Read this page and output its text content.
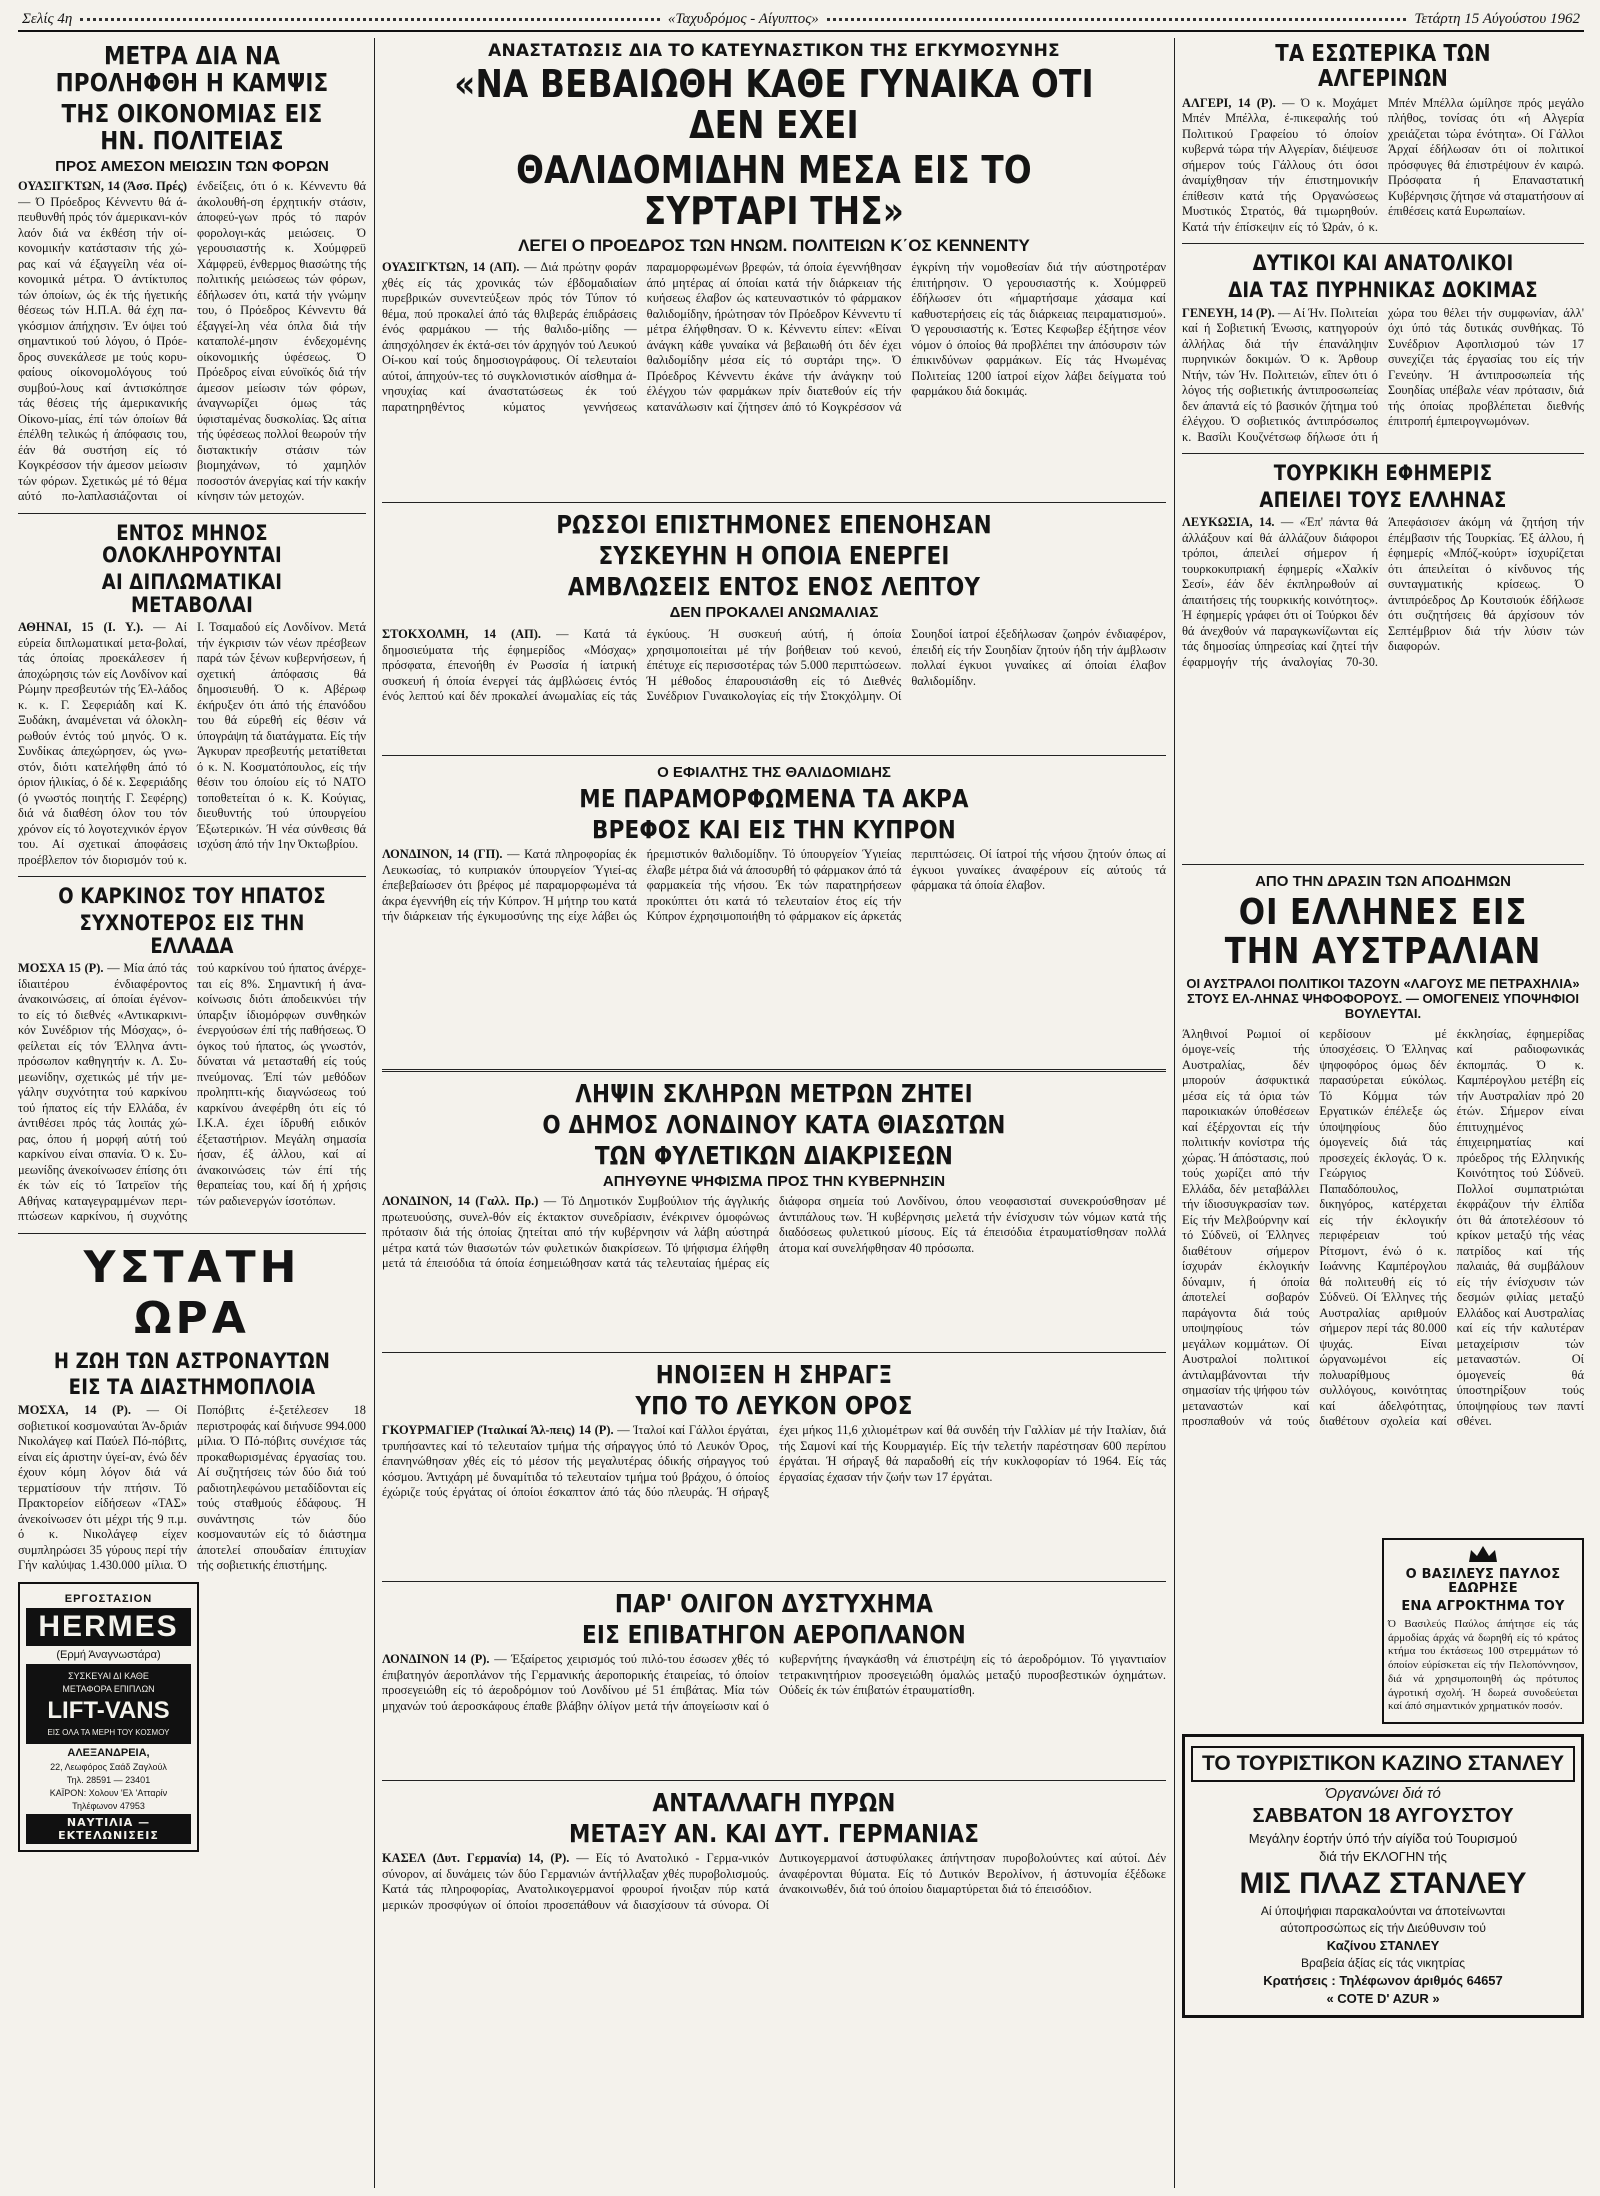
Σελίς 4η	«Ταχυδρόμος - Αίγυπτος»	Τετάρτη 15 Αύγούστου 1962
ΜΕΤΡΑ ΔΙΑ ΝΑ ΠΡΟΛΗΦΘΗ Η ΚΑΜΨΙΣ
ΤΗΣ ΟΙΚΟΝΟΜΙΑΣ ΕΙΣ ΗΝ. ΠΟΛΙΤΕΙΑΣ
ΠΡΟΣ ΑΜΕΣΟΝ ΜΕΙΩΣΙΝ ΤΩΝ ΦΟΡΩΝ
ΟΥΑΣΙΓΚΤΩΝ, 14 (Άσσ. Πρές) — Ό Πρόεδρος Κέννεντυ θά ά-πευθυνθή πρός τόν άμερικανι-κόν λαόν διά να έκθέση τήν οί-κονομικήν κατάστασιν τής χώ-ρας καί νά έξαγγείλη νέα οί-κονομικά μέτρα. Ό άντίκτυπος τών όποίων, ώς έκ τής ήγετικής θέσεως τών Η.Π.Α. θά έχη πα-γκόσμιον άπήχησιν. Έν όψει τού σημαντικού τού λόγου, ό Πρόε-δρος συνεκάλεσε με τούς κορυ-φαίους οίκονομολόγους τού συμβού-λους καί άντισκόπησε τάς θέσεις τής άμερικανικής Οίκονο-μίας, έπί τών όποίων θά έπέλθη τελικώς ή άπόφασις του, έάν θά συστήση είς τό Κογκρέσσον τήν άμεσον μείωσιν τών φόρων. Σχετικώς μέ τό θέμα αύτό πο-λαπλασιάζονται οί ένδείξεις, ότι ό κ. Κέννεντυ θά άκολουθή-ση έρχητικήν στάσιν, άποφεύ-γων πρός τό παρόν φορολογι-κάς μειώσεις. Ό γερουσιαστής κ. Χούμφρεϋ Χάμφρεϋ, ένθερμος θιασώτης τής πολιτικής μειώσεως τών φόρων, έδήλωσεν ότι, κατά τήν γνώμην του, ό Πρόεδρος Κέννεντυ θά έξαγγεί-λη νέα όπλα διά τήν καταπολέ-μησιν ένδεχομένης οίκονομικής ύφέσεως. Ό Πρόεδρος είναι εύνοϊκός διά τήν άμεσον μείωσιν τών φόρων, άναγνωρίζει όμως τάς ύφισταμένας δυσκολίας. Ώς αίτια τής ύφέσεως πολλοί θεωρούν τήν διστακτικήν στάσιν τών βιομηχάνων, τό χαμηλόν ποσοστόν άνεργίας καί τήν κακήν κίνησιν τών μετοχών.
ΕΝΤΟΣ ΜΗΝΟΣ ΟΛΟΚΛΗΡΟΥΝΤΑΙ
ΑΙ ΔΙΠΛΩΜΑΤΙΚΑΙ ΜΕΤΑΒΟΛΑΙ
ΑΘΗΝΑΙ, 15 (Ι. Υ.). — Αί εύρεία διπλωματικαί μετα-βολαί, τάς όποίας προεκάλεσεν ή άποχώρησις τών είς Λονδίνον καί Ρώμην πρεσβευτών τής Έλ-λάδος κ. κ. Γ. Σεφεριάδη καί Κ. Ξυδάκη, άναμένεται νά όλοκλη-ρωθούν έντός τού μηνός. Ό κ. Συνδίκας άπεχώρησεν, ώς γνω-στόν, διότι κατελήφθη άπό τό όριον ήλικίας, ό δέ κ. Σεφεριάδης (ό γνωστός ποιητής Γ. Σεφέρης) διά νά διαθέση όλον του τόν χρόνον είς τό λογοτεχνικόν έργον του. Αί σχετικαί άποφάσεις προέβλεπον τόν διορισμόν τού κ. Ι. Τσαμαδού είς Λονδίνον. Μετά τήν έγκρισιν τών νέων πρέσβεων παρά τών ξένων κυβερνήσεων, ή σχετική άπόφασις θά δημοσιευθή. Ό κ. Αβέρωφ έκήρυξεν ότι άπό τής έπανόδου του θά εύρεθή είς θέσιν νά ύπογράψη τά διατάγματα. Είς τήν Άγκυραν πρεσβευτής μετατίθεται ό κ. Ν. Κοσματόπουλος, είς τήν θέσιν του όποίου είς τό ΝΑΤΟ τοποθετείται ό κ. Κ. Κούγιας, διευθυντής τού ύπουργείου Έξωτερικών. Ή νέα σύνθεσις θά ισχύση άπό τήν 1ην Όκτωβρίου.
Ο ΚΑΡΚΙΝΟΣ ΤΟΥ ΗΠΑΤΟΣ
ΣΥΧΝΟΤΕΡΟΣ ΕΙΣ ΤΗΝ ΕΛΛΑΔΑ
ΜΟΣΧΑ 15 (Ρ). — Μία άπό τάς ίδιαιτέρου ένδιαφέροντος άνακοινώσεις, αί όποίαι έγένον-το είς τό διεθνές «Αντικαρκινι-κόν Συνέδριον τής Μόσχας», ό-φείλεται είς τόν Έλληνα άντι-πρόσωπον καθηγητήν κ. Λ. Συ-μεωνίδην, σχετικώς μέ τήν με-γάλην συχνότητα τού καρκίνου τού ήπατος είς τήν Ελλάδα, έν άντιθέσει πρός τάς λοιπάς χώ-ρας, όπου ή μορφή αύτή τού καρκίνου είναι σπανία. Ό κ. Συ-μεωνίδης άνεκοίνωσεν έπίσης ότι έκ τών είς τό Ίατρεϊον τής Αθήνας καταγεγραμμένων περι-πτώσεων καρκίνου, ή συχνότης τού καρκίνου τού ήπατος άνέρχε-ται είς 8%. Σημαντική ή άνα-κοίνωσις διότι άποδεικνύει τήν ύπαρξιν ίδιομόρφων συνθηκών ένεργούσων έπί τής παθήσεως. Ό όγκος τού ήπατος, ώς γνωστόν, δύναται νά μετασταθή είς τούς πνεύμονας. Έπί τών μεθόδων προληπτι-κής διαγνώσεως τού καρκίνου άνεφέρθη ότι είς τό I.K.A. έχει ίδρυθή ειδικόν έξεταστήριον. Μεγάλη σημασία ήσαν, έξ άλλου, καί αί άνακοινώσεις τών έπί τής θεραπείας του, καί δή ή χρήσις τών ραδιενεργών ίσοτόπων.
ΥΣΤΑΤΗ ΩΡΑ
Η ΖΩΗ ΤΩΝ ΑΣΤΡΟΝΑΥΤΩΝ
ΕΙΣ ΤΑ ΔΙΑΣΤΗΜΟΠΛΟΙΑ
ΜΟΣΧΑ, 14 (Ρ). — Οί σοβιετικοί κοσμοναύται Άν-δριάν Νικολάγεφ καί Παύελ Πό-πόβιτς, είναι είς άριστην ύγεί-αν, ένώ δέν έχουν κόμη λόγον διά νά τερματίσουν τήν πτήσιν. Τό Πρακτορείον είδήσεων «ΤΑΣ» άνεκοίνωσεν ότι μέχρι τής 9 π.μ. ό κ. Νικολάγεφ είχεν συμπληρώσει 35 γύρους περί τήν Γήν καλύψας 1.430.000 μίλια. Ό Ποπόβιτς έ-ξετέλεσεν 18 περιστροφάς καί διήνυσε 994.000 μίλια. Ό Πό-πόβιτς συνέχισε τάς προκαθωρισμένας έργασίας του. Αί συζητήσεις τών δύο διά τού ραδιοτηλεφώνου μεταδίδονται είς τούς σταθμούς έδάφους. Ή συνάντησις τών δύο κοσμοναυτών είς τό διάστημα άποτελεί σπουδαίαν έπιτυχίαν τής σοβιετικής έπιστήμης.
ΕΡΓΟΣΤΑΣΙΟΝ
HERMES
(Ερμή Άναγνωστάρα)
ΣΥΣΚΕΥΑΙ ΔΙ ΚΑΘΕ
ΜΕΤΑΦΟΡΑ ΕΠΙΠΛΩΝ
LIFT-VANS
ΕΙΣ ΟΛΑ ΤΑ ΜΕΡΗ ΤΟΥ ΚΟΣΜΟΥ
ΑΛΕΞΑΝΔΡΕΙΑ,
22, Λεωφόρος Σαάδ Ζαγλούλ
Τηλ. 28591 — 23401
ΚΑΪΡΟΝ: Χολουν 'Ελ 'Ατταρίν
Τηλέφωνον 47953
ΝΑΥΤΙΛΙΑ — ΕΚΤΕΛΩΝΙΣΕΙΣ
ΑΝΑΣΤΑΤΩΣΙΣ ΔΙΑ ΤΟ ΚΑΤΕΥΝΑΣΤΙΚΟΝ ΤΗΣ ΕΓΚΥΜΟΣΥΝΗΣ
«ΝΑ ΒΕΒΑΙΩΘΗ ΚΑΘΕ ΓΥΝΑΙΚΑ ΟΤΙ ΔΕΝ ΕΧΕΙ
ΘΑΛΙΔΟΜΙΔΗΝ ΜΕΣΑ ΕΙΣ ΤΟ ΣΥΡΤΑΡΙ ΤΗΣ»
ΛΕΓΕΙ Ο ΠΡΟΕΔΡΟΣ ΤΩΝ ΗΝΩΜ. ΠΟΛΙΤΕΙΩΝ Κ΄ΟΣ ΚΕΝΝΕΝΤΥ
ΟΥΑΣΙΓΚΤΩΝ, 14 (ΑΠ). — Διά πρώτην φοράν χθές είς τάς χρονικάς τών έβδομαδιαίων πυρεβρικών συνεντεύξεων πρός τόν Τύπον τό θέμα, πού προκαλεί άπό τάς θλιβεράς έπιδράσεις ένός φαρμάκου — τής θαλιδο-μίδης — άπησχόλησεν έκ έκτά-σει τόν άρχηγόν τού Λευκού Οί-κου καί τούς δημοσιογράφους. Οί τελευταίοι αύτοί, άπηχούν-τες τό συγκλονιστικόν αίσθημα ά-νησυχίας καί άναστατώσεως έκ τού παρατηρηθέντος κύματος γεννήσεως παραμορφωμένων βρεφών, τά όποία έγεννήθησαν άπό μητέρας αί όποίαι κατά τήν διάρκειαν τής κυήσεως έλαβον ώς κατευναστικόν τό φάρμακον θαλιδομίδην, ήρώτησαν τόν Πρόεδρον Κέννεντυ τί μέτρα έλήφθησαν. Ό κ. Κέννεντυ είπεν: «Είναι άνάγκη κάθε γυναίκα νά βεβαιωθή ότι δέν έχει θαλιδομίδην μέσα είς τό συρτάρι της». Ό Πρόεδρος Κέννεντυ έκάνε τήν άνάγκην τού έλέγχου τών φαρμάκων πρίν διατεθούν είς τήν κατανάλωσιν καί ζήτησεν άπό τό Κογκρέσσον νά έγκρίνη τήν νομοθεσίαν διά τήν αύστηροτέραν έπιτήρησιν. Ό γερουσιαστής κ. Χούμφρεϋ έδήλωσεν ότι «ήμαρτήσαμε χάσαμα καί καθυστερήσεις είς τάς διάρκειας πειραματισμού». Ό γερουσιαστής κ. Έστες Κεφωβερ έξήτησε νέον νόμον ό όποίος θά προβλέπει την άπόσυρσιν τών έπικινδύνων φαρμάκων. Είς τάς Ηνωμένας Πολιτείας 1200 ίατροί είχον λάβει δείγματα τού φαρμάκου διά δοκιμάς.
ΡΩΣΣΟΙ ΕΠΙΣΤΗΜΟΝΕΣ ΕΠΕΝΟΗΣΑΝ
ΣΥΣΚΕΥΗΝ Η ΟΠΟΙΑ ΕΝΕΡΓΕΙ
ΑΜΒΛΩΣΕΙΣ ΕΝΤΟΣ ΕΝΟΣ ΛΕΠΤΟΥ
ΔΕΝ ΠΡΟΚΑΛΕΙ ΑΝΩΜΑΛΙΑΣ
ΣΤΟΚΧΟΛΜΗ, 14 (ΑΠ). — Κατά τά δημοσιεύματα τής έφημερίδος «Μόσχας» πρόσφατα, έπενοήθη έν Ρωσσία ή ίατρική συσκευή ή όποία ένεργεί τάς άμβλώσεις έντός ένός λεπτού καί δέν προκαλεί άνωμαλίας είς τάς έγκύους. Ή συσκευή αύτή, ή όποία χρησιμοποιείται μέ τήν βοήθειαν τού κενού, έπέτυχε είς περισσοτέρας τών 5.000 περιπτώσεων. Ή μέθοδος έπαρουσιάσθη είς τό Διεθνές Συνέδριον Γυναικολογίας είς τήν Στοκχόλμην. Οί Σουηδοί ίατροί έξεδήλωσαν ζωηρόν ένδιαφέρον, έπειδή είς τήν Σουηδίαν ζητούν ήδη τήν άμβλωσιν πολλαί έγκυοι γυναίκες αί όποίαι έλαβον θαλιδομίδην.
Ο ΕΦΙΑΛΤΗΣ ΤΗΣ ΘΑΛΙΔΟΜΙΔΗΣ
ΜΕ ΠΑΡΑΜΟΡΦΩΜΕΝΑ ΤΑ ΑΚΡΑ
ΒΡΕΦΟΣ ΚΑΙ ΕΙΣ ΤΗΝ ΚΥΠΡΟΝ
ΛΟΝΔΙΝΟΝ, 14 (ΓΠ). — Κατά πληροφορίας έκ Λευκωσίας, τό κυπριακόν ύπουργείον Ύγιεί-ας έπεβεβαίωσεν ότι βρέφος μέ παραμορφωμένα τά άκρα έγεννήθη είς τήν Κύπρον. Ή μήτηρ του κατά τήν διάρκειαν τής έγκυμοσύνης της είχε λάβει ώς ήρεμιστικόν θαλιδομίδην. Τό ύπουργείον Ύγιείας έλαβε μέτρα διά νά άποσυρθή τό φάρμακον άπό τά φαρμακεία τής νήσου. Έκ τών παρατηρήσεων προκύπτει ότι κατά τό τελευταίον έτος είς τήν Κύπρον έχρησιμοποιήθη τό φάρμακον είς άρκετάς περιπτώσεις. Οί ίατροί τής νήσου ζητούν όπως αί έγκυοι γυναίκες άναφέρουν είς αύτούς τά φάρμακα τά όποία έλαβον.
ΛΗΨΙΝ ΣΚΛΗΡΩΝ ΜΕΤΡΩΝ ΖΗΤΕΙ
Ο ΔΗΜΟΣ ΛΟΝΔΙΝΟΥ ΚΑΤΑ ΘΙΑΣΩΤΩΝ
ΤΩΝ ΦΥΛΕΤΙΚΩΝ ΔΙΑΚΡΙΣΕΩΝ
ΑΠΗΥΘΥΝΕ ΨΗΦΙΣΜΑ ΠΡΟΣ ΤΗΝ ΚΥΒΕΡΝΗΣΙΝ
ΛΟΝΔΙΝΟΝ, 14 (Γαλλ. Πρ.) — Τό Δημοτικόν Συμβούλιον τής άγγλικής πρωτευούσης, συνελ-θόν είς έκτακτον συνεδρίασιν, ένέκρινεν όμοφώνως πρότασιν διά τής όποίας ζητείται από τήν κυβέρνησιν νά λάβη αύστηρά μέτρα κατά τών θιασωτών τών φυλετικών διακρίσεων. Τό ψήφισμα έλήφθη μετά τά έπεισόδια τά όποία έσημειώθησαν κατά τάς τελευταίας ήμέρας είς διάφορα σημεία τού Λονδίνου, όπου νεοφασισταί συνεκρούσθησαν μέ άντιπάλους των. Ή κυβέρνησις μελετά τήν ένίσχυσιν τών νόμων κατά τής διαδόσεως φυλετικού μίσους. Είς τά έπεισόδια έτραυματίσθησαν πολλά άτομα καί συνελήφθησαν 40 πρόσωπα.
ΗΝΟΙΞΕΝ Η ΣΗΡΑΓΞ
ΥΠΟ ΤΟ ΛΕΥΚΟΝ ΟΡΟΣ
ΓΚΟΥΡΜΑΓΙΕΡ (Ίταλικαί Άλ-πεις) 14 (Ρ). — Ίταλοί καί Γάλλοι έργάται, τρυπήσαντες καί τό τελευταίον τμήμα τής σήραγγος ύπό τό Λευκόν Όρος, έπανηνώθησαν χθές είς τό μέσον τής μεγαλυτέρας όδικής σήραγγος τού κόσμου. Άντιχάρη μέ δυναμίτιδα τό τελευταίον τμήμα τού βράχου, ό όποίος έχώριζε τούς έργάτας οί όποίοι έσκαπτον άπό τάς δύο πλευράς. Ή σήραγξ έχει μήκος 11,6 χιλιομέτρων καί θά συνδέη τήν Γαλλίαν μέ τήν Ιταλίαν, διά τής Σαμονί καί τής Κουρμαγιέρ. Είς τήν τελετήν παρέστησαν 600 περίπου έργάται. Ή σήραγξ θά παραδοθή είς τήν κυκλοφορίαν τό 1964. Είς τάς έργασίας έχασαν τήν ζωήν των 17 έργάται.
ΠΑΡ' ΟΛΙΓΟΝ ΔΥΣΤΥΧΗΜΑ
ΕΙΣ ΕΠΙΒΑΤΗΓΟΝ ΑΕΡΟΠΛΑΝΟΝ
ΛΟΝΔΙΝΟΝ 14 (Ρ). — Έξαίρετος χειρισμός τού πιλό-του έσωσεν χθές τό έπιβατηγόν άεροπλάνον τής Γερμανικής άεροπορικής έταιρείας, τό όποίον προσεγειώθη είς τό άεροδρόμιον τού Λονδίνου μέ 51 έπιβάτας. Μία τών μηχανών τού άεροσκάφους έπαθε βλάβην όλίγον μετά τήν άπογείωσιν καί ό κυβερνήτης ήναγκάσθη νά έπιστρέψη είς τό άεροδρόμιον. Τό γιγαντιαίον τετρακινητήριον προσεγειώθη όμαλώς μεταξύ πυροσβεστικών όχημάτων. Ούδείς έκ τών έπιβατών έτραυματίσθη.
ΑΝΤΑΛΛΑΓΗ ΠΥΡΩΝ
ΜΕΤΑΞΥ ΑΝ. ΚΑΙ ΔΥΤ. ΓΕΡΜΑΝΙΑΣ
ΚΑΣΕΛ (Δυτ. Γερμανία) 14, (Ρ). — Είς τό Ανατολικό - Γερμα-νικόν σύνορον, αί δυνάμεις τών δύο Γερμανιών άντήλλαξαν χθές πυροβολισμούς. Κατά τάς πληροφορίας, Ανατολικογερμανοί φρουροί ήνοιξαν πύρ κατά μερικών προσφύγων οί όποίοι προσεπάθουν νά διασχίσουν τά σύνορα. Οί Δυτικογερμανοί άστυφύλακες άπήντησαν πυροβολούντες καί αύτοί. Δέν άναφέρονται θύματα. Είς τό Δυτικόν Βερολίνον, ή άστυνομία έξέδωκε άνακοινωθέν, διά τού όποίου διαμαρτύρεται διά τό έπεισόδιον.
ΤΑ ΕΣΩΤΕΡΙΚΑ ΤΩΝ ΑΛΓΕΡΙΝΩΝ
ΑΛΓΕΡΙ, 14 (Ρ). — Ό κ. Μοχάμετ Μπέν Μπέλλα, έ-πικεφαλής τού Πολιτικού Γραφείου τό όποίον κυβερνά τώρα τήν Αλγερίαν, διέψευσε σήμερον τούς Γάλλους ότι όσοι άναμίχθησαν τήν έπιστημονικήν έπίθεσιν κατά τής Οργανώσεως Μυστικός Στρατός, θά τιμωρηθούν. Κατά τήν έπίσκεψιν είς τό Ώράν, ό κ. Μπέν Μπέλλα ώμίλησε πρός μεγάλο πλήθος, τονίσας ότι «ή Αλγερία χρειάζεται τώρα ένότητα». Οί Γάλλοι Άρχαί έδήλωσαν ότι οί πολιτικοί πρόσφυγες θά έπιστρέψουν έν καιρώ. Πρόσφατα ή Επαναστατική Κυβέρνησις ζήτησε νά σταματήσουν αί έπιθέσεις κατά Ευρωπαίων.
ΔΥΤΙΚΟΙ ΚΑΙ ΑΝΑΤΟΛΙΚΟΙ
ΔΙΑ ΤΑΣ ΠΥΡΗΝΙΚΑΣ ΔΟΚΙΜΑΣ
ΓΕΝΕΥΗ, 14 (Ρ). — Αί Ήν. Πολιτείαι καί ή Σοβιετική Ένωσις, κατηγορούν άλλήλας διά τήν έπανάληψιν πυρηνικών δοκιμών. Ό κ. Άρθουρ Ντήν, τών Ήν. Πολιτειών, εΐπεν ότι ό λόγος τής σοβιετικής άντιπροσωπείας δεν άπαντά είς τό βασικόν ζήτημα τού έλέγχου. Ό σοβιετικός άντιπρόσωπος κ. Βασίλι Κουζνέτσωφ δήλωσε ότι ή χώρα του θέλει τήν συμφωνίαν, άλλ' όχι ύπό τάς δυτικάς συνθήκας. Τό Συνέδριον Αφοπλισμού τών 17 συνεχίζει τάς έργασίας του είς τήν Γενεύην. Ή άντιπροσωπεία τής Σουηδίας υπέβαλε νέαν πρότασιν, διά τής όποίας προβλέπεται διεθνής έπιτροπή έμπειρογνωμόνων.
ΤΟΥΡΚΙΚΗ ΕΦΗΜΕΡΙΣ
ΑΠΕΙΛΕΙ ΤΟΥΣ ΕΛΛΗΝΑΣ
ΛΕΥΚΩΣΙΑ, 14. — «Έπ' πάντα θά άλλάξουν καί θά άλλάζουν διάφοροι τρόποι, άπειλεί σήμερον ή τουρκοκυπριακή έφημερίς «Χαλκίν Σεσί», έάν δέν έκπληρωθούν αί άπαιτήσεις τής τουρκικής κοινότητος». Ή έφημερίς γράφει ότι οί Τούρκοι δέν θά άνεχθούν νά παραγκωνίζωνται είς τάς δημοσίας ύπηρεσίας καί ζητεί τήν έφαρμογήν τής άναλογίας 70-30. Άπεφάσισεν άκόμη νά ζητήση τήν έπέμβασιν τής Τουρκίας. Έξ άλλου, ή έφημερίς «Μπόζ-κούρτ» ίσχυρίζεται ότι άπειλείται ό κίνδυνος τής συνταγματικής κρίσεως. Ό άντιπρόεδρος Δρ Κουτσιούκ έδήλωσε ότι συζητήσεις θά άρχίσουν τόν Σεπτέμβριον διά τήν λύσιν τών διαφορών.
ΑΠΟ ΤΗΝ ΔΡΑΣΙΝ ΤΩΝ ΑΠΟΔΗΜΩΝ
ΟΙ ΕΛΛΗΝΕΣ ΕΙΣ ΤΗΝ ΑΥΣΤΡΑΛΙΑΝ
ΟΙ ΑΥΣΤΡΑΛΟΙ ΠΟΛΙΤΙΚΟΙ ΤΑΖΟΥΝ «ΛΑΓΟΥΣ ΜΕ ΠΕΤΡΑΧΗΛΙΑ» ΣΤΟΥΣ ΕΛ-ΛΗΝΑΣ ΨΗΦΟΦΟΡΟΥΣ. — ΟΜΟΓΕΝΕΙΣ ΥΠΟΨΗΦΙΟΙ ΒΟΥΛΕΥΤΑΙ.
Άληθινοί Ρωμιοί οί όμογε-νείς τής Αυστραλίας, δέν μπορούν άσφυκτικά μέσα είς τά όρια τών παροικιακών ύποθέσεων καί έξέρχονται είς τήν πολιτικήν κονίστρα τής χώρας. Ή άπόστασις, πού τούς χωρίζει από τήν Ελλάδα, δέν μεταβάλλει τήν ίδιοσυγκρασίαν των. Είς τήν Μελβούρνην καί τό Σύδνεϋ, οί Έλληνες διαθέτουν σήμερον ίσχυράν έκλογικήν δύναμιν, ή όποία άποτελεί σοβαρόν παράγοντα διά τούς υποψηφίους τών μεγάλων κομμάτων. Οί Αυστραλοί πολιτικοί άντιλαμβάνονται τήν σημασίαν τής ψήφου τών μεταναστών καί προσπαθούν νά τούς κερδίσουν μέ ύποσχέσεις. Ό Έλληνας ψηφοφόρος όμως δέν παρασύρεται εύκόλως. Τό Κόμμα τών Εργατικών έπέλεξε ώς ύποψηφίους δύο όμογενείς διά τάς προσεχείς έκλογάς. Ό κ. Γεώργιος Παπαδόπουλος, δικηγόρος, κατέρχεται είς τήν έκλογικήν περιφέρειαν τού Ρίτσμοντ, ένώ ό κ. Ιωάννης Καμπέρογλου θά πολιτευθή είς τό Σύδνεϋ. Οί Έλληνες τής Αυστραλίας αριθμούν σήμερον περί τάς 80.000 ψυχάς. Είναι ώργανωμένοι είς πολυαρίθμους συλλόγους, κοινότητας καί άδελφότητας, διαθέτουν σχολεία καί έκκλησίας, έφημερίδας καί ραδιοφωνικάς έκπομπάς. Ό κ. Καμπέρογλου μετέβη είς τήν Αυστραλίαν πρό 20 έτών. Σήμερον είναι έπιτυχημένος έπιχειρηματίας καί πρόεδρος τής Ελληνικής Κοινότητος τού Σύδνεϋ. Πολλοί συμπατριώται έκφράζουν τήν έλπίδα ότι θά άποτελέσουν τό κρίκον μεταξύ τής νέας πατρίδος καί τής παλαιάς, θά συμβάλουν είς τήν ένίσχυσιν τών δεσμών φιλίας μεταξύ Ελλάδος καί Αυστραλίας καί είς τήν καλυτέραν μεταχείρισιν τών μεταναστών. Οί όμογενείς θά ύποστηρίξουν τούς ύποψηφίους των παντί σθένει.
Ο ΒΑΣΙΛΕΥΣ ΠΑΥΛΟΣ ΕΔΩΡΗΣΕ
ΕΝΑ ΑΓΡΟΚΤΗΜΑ ΤΟΥ
Ό Βασιλεύς Παύλος άπήτησε είς τάς άρμοδίας άρχάς νά δωρηθή είς τό κράτος κτήμα του έκτάσεως 100 στρεμμάτων τό όποίον εύρίσκεται είς τήν Πελοπόννησον, διά νά χρησιμοποιηθή ώς πρότυπος άγροτική σχολή. Ή δωρεά συνοδεύεται καί άπό σημαντικόν χρηματικόν ποσόν.
ΤΟ ΤΟΥΡΙΣΤΙΚΟΝ ΚΑΖΙΝΟ ΣΤΑΝΛΕΥ
Όργανώνει διά τό
ΣΑΒΒΑΤΟΝ 18 ΑΥΓΟΥΣΤΟΥ
Μεγάλην έορτήν ύπό τήν αίγίδα τού Τουρισμού
διά τήν ΕΚΛΟΓΗΝ τής
ΜΙΣ ΠΛΑΖ ΣΤΑΝΛΕΥ
Αί ύποψήφιαι παρακαλούνται να άποτείνωνται
αύτοπροσώπως είς τήν Διεύθυνσιν τού
Καζίνου ΣΤΑΝΛΕΥ
Βραβεία άξίας είς τάς νικητρίας
Κρατήσεις : Τηλέφωνον άριθμός 64657
« COTE D' AZUR »
